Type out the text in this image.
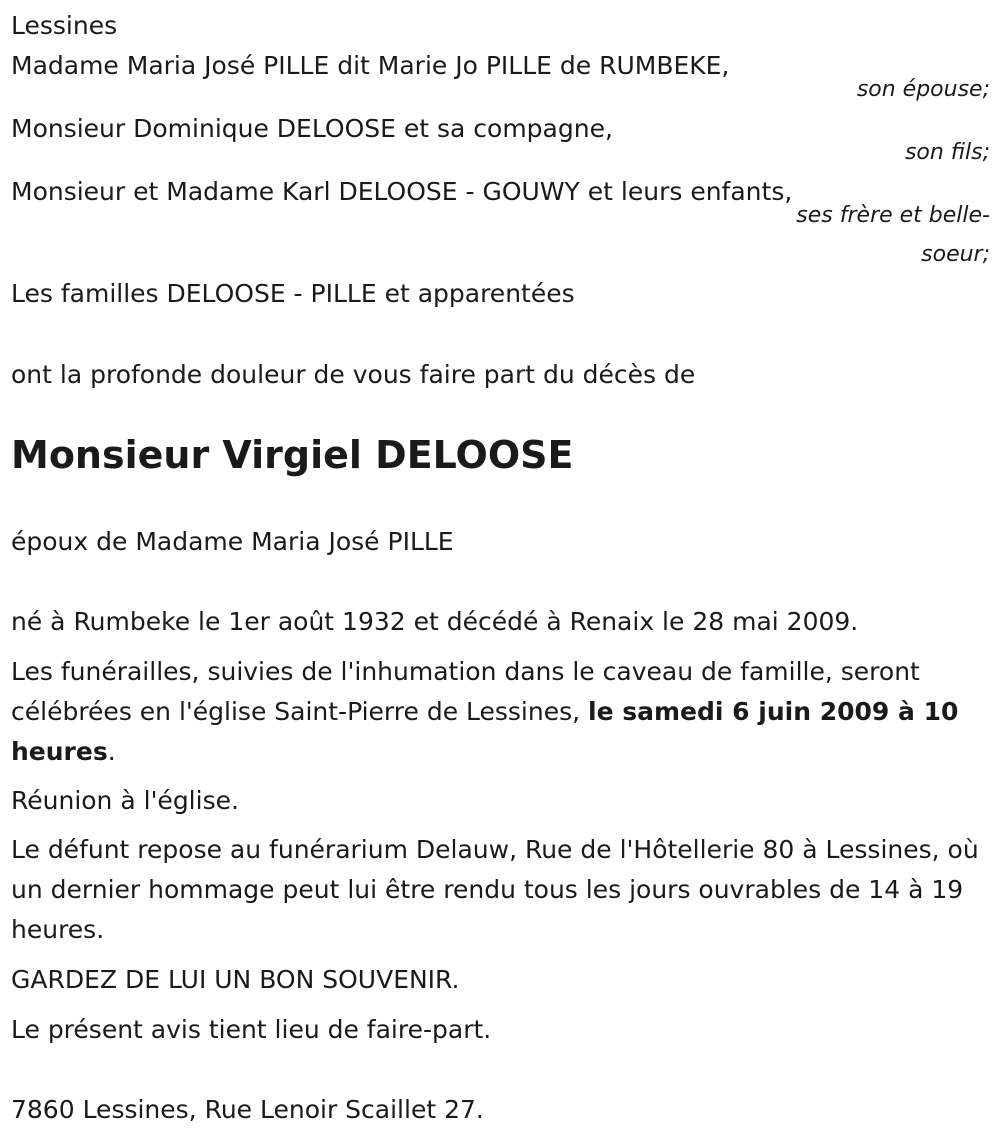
Lessines

Madame Maria José PILLE dit Marie Jo PILLE de RUMBEKE,

son épouse;

Monsieur Dominique DELOOSE et sa compagne,

son fils;

Monsieur et Madame Karl DELOOSE - GOUWY et leurs enfants,

ses frère et belle-

soeur;

Les familles DELOOSE - PILLE et apparentées

ont la profonde douleur de vous faire part du décès de

Monsieur Virgiel DELOOSE

époux de Madame Maria José PILLE

né à Rumbeke le 1er août 1932 et décédé à Renaix le 28 mai 2009.

Les funérailles, suivies de l'inhumation dans le caveau de famille, seront célébrées en l'église Saint-Pierre de Lessines, le samedi 6 juin 2009 à 10 heures.

Réunion à l'église.

Le défunt repose au funérarium Delauw, Rue de l'Hôtellerie 80 à Lessines, où un dernier hommage peut lui être rendu tous les jours ouvrables de 14 à 19 heures.

GARDEZ DE LUI UN BON SOUVENIR.

Le présent avis tient lieu de faire-part.

7860 Lessines, Rue Lenoir Scaillet 27.
